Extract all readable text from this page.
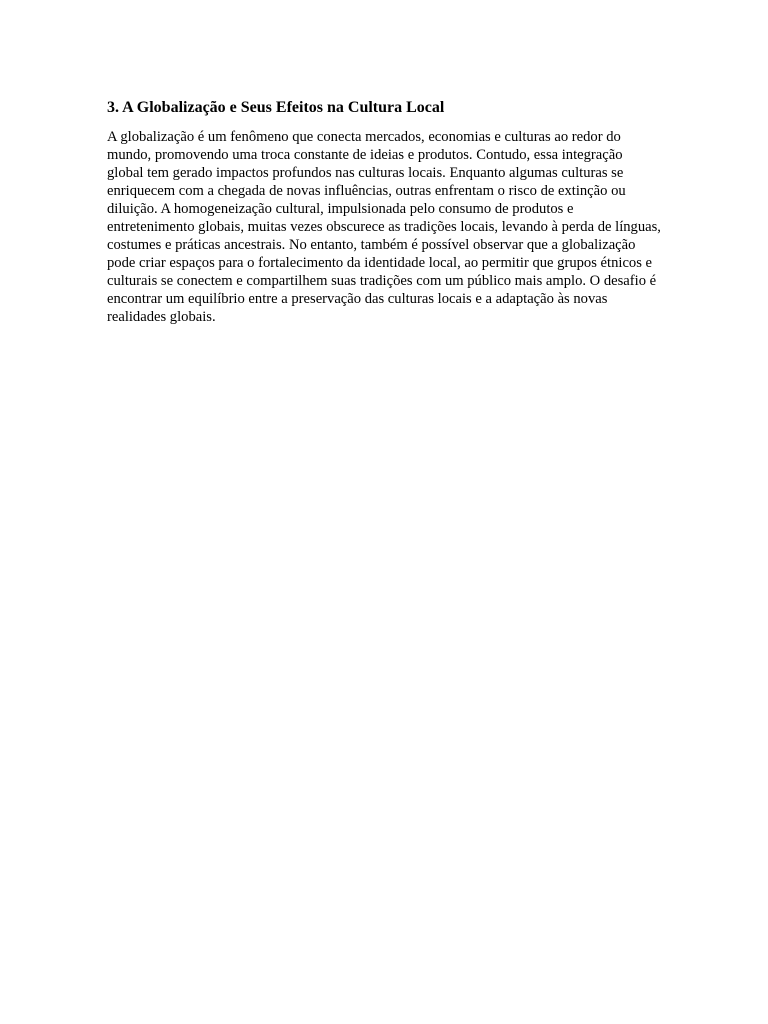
3. A Globalização e Seus Efeitos na Cultura Local

A globalização é um fenômeno que conecta mercados, economias e culturas ao redor do mundo, promovendo uma troca constante de ideias e produtos. Contudo, essa integração global tem gerado impactos profundos nas culturas locais. Enquanto algumas culturas se enriquecem com a chegada de novas influências, outras enfrentam o risco de extinção ou diluição. A homogeneização cultural, impulsionada pelo consumo de produtos e entretenimento globais, muitas vezes obscurece as tradições locais, levando à perda de línguas, costumes e práticas ancestrais. No entanto, também é possível observar que a globalização pode criar espaços para o fortalecimento da identidade local, ao permitir que grupos étnicos e culturais se conectem e compartilhem suas tradições com um público mais amplo. O desafio é encontrar um equilíbrio entre a preservação das culturas locais e a adaptação às novas realidades globais.
